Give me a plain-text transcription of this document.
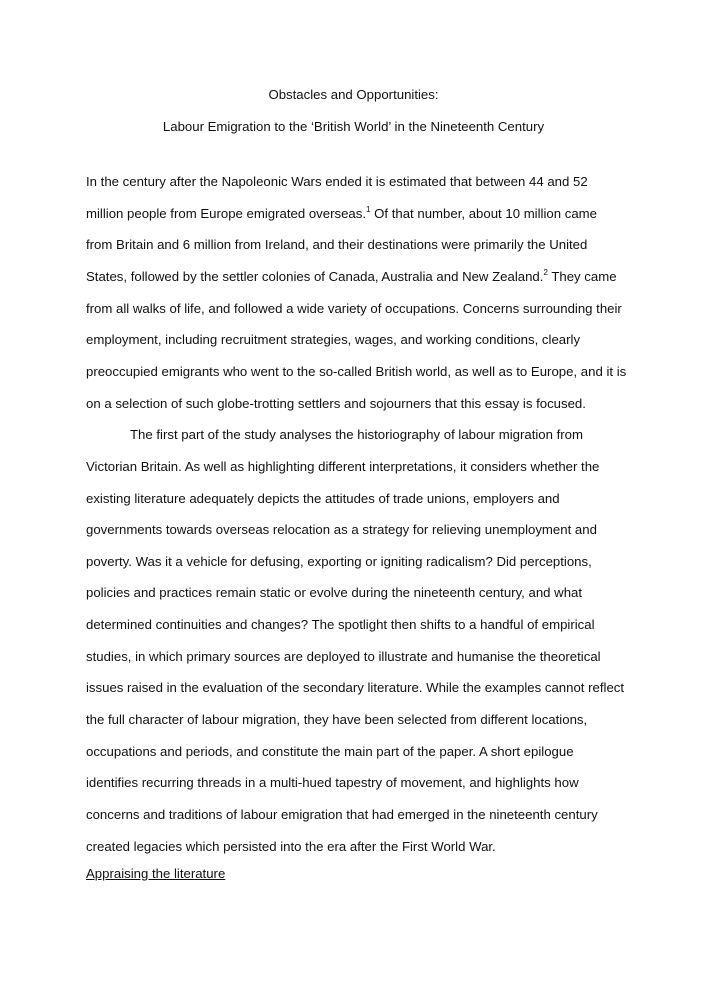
Obstacles and Opportunities:
Labour Emigration to the ‘British World’ in the Nineteenth Century
In the century after the Napoleonic Wars ended it is estimated that between 44 and 52
million people from Europe emigrated overseas.$^1$ Of that number, about 10 million came
from Britain and 6 million from Ireland, and their destinations were primarily the United
States, followed by the settler colonies of Canada, Australia and New Zealand.$^2$ They came
from all walks of life, and followed a wide variety of occupations. Concerns surrounding their
employment, including recruitment strategies, wages, and working conditions, clearly
preoccupied emigrants who went to the so-called British world, as well as to Europe, and it is
on a selection of such globe-trotting settlers and sojourners that this essay is focused.
The first part of the study analyses the historiography of labour migration from
Victorian Britain. As well as highlighting different interpretations, it considers whether the
existing literature adequately depicts the attitudes of trade unions, employers and
governments towards overseas relocation as a strategy for relieving unemployment and
poverty. Was it a vehicle for defusing, exporting or igniting radicalism? Did perceptions,
policies and practices remain static or evolve during the nineteenth century, and what
determined continuities and changes? The spotlight then shifts to a handful of empirical
studies, in which primary sources are deployed to illustrate and humanise the theoretical
issues raised in the evaluation of the secondary literature. While the examples cannot reflect
the full character of labour migration, they have been selected from different locations,
occupations and periods, and constitute the main part of the paper. A short epilogue
identifies recurring threads in a multi-hued tapestry of movement, and highlights how
concerns and traditions of labour emigration that had emerged in the nineteenth century
created legacies which persisted into the era after the First World War.
Appraising the literature
